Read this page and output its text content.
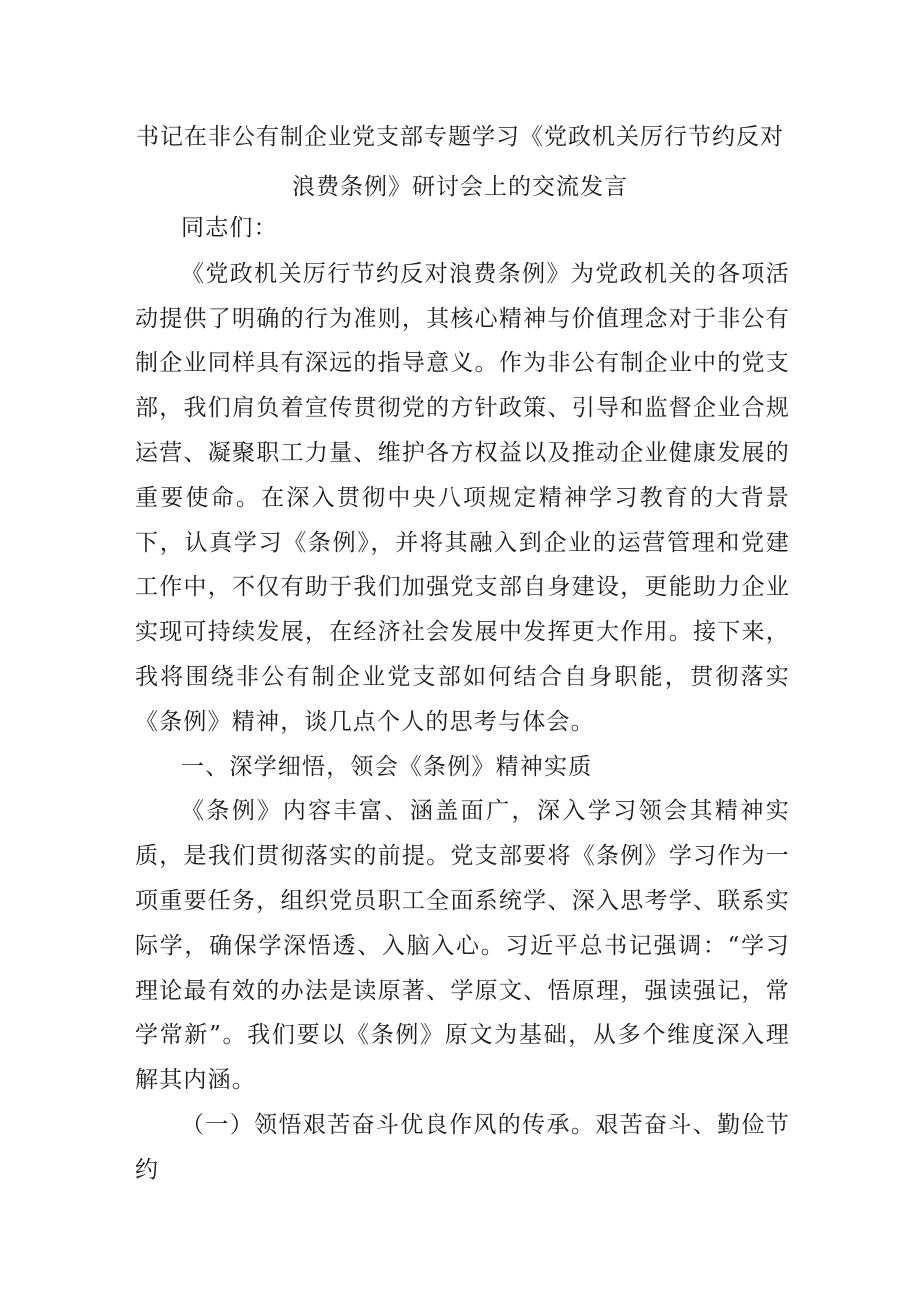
书记在非公有制企业党支部专题学习《党政机关厉行节约反对浪费条例》研讨会上的交流发言

同志们：

《党政机关厉行节约反对浪费条例》为党政机关的各项活动提供了明确的行为准则，其核心精神与价值理念对于非公有制企业同样具有深远的指导意义。作为非公有制企业中的党支部，我们肩负着宣传贯彻党的方针政策、引导和监督企业合规运营、凝聚职工力量、维护各方权益以及推动企业健康发展的重要使命。在深入贯彻中央八项规定精神学习教育的大背景下，认真学习《条例》，并将其融入到企业的运营管理和党建工作中，不仅有助于我们加强党支部自身建设，更能助力企业实现可持续发展，在经济社会发展中发挥更大作用。接下来，我将围绕非公有制企业党支部如何结合自身职能，贯彻落实《条例》精神，谈几点个人的思考与体会。

一、深学细悟，领会《条例》精神实质

《条例》内容丰富、涵盖面广，深入学习领会其精神实质，是我们贯彻落实的前提。党支部要将《条例》学习作为一项重要任务，组织党员职工全面系统学、深入思考学、联系实际学，确保学深悟透、入脑入心。习近平总书记强调：“学习理论最有效的办法是读原著、学原文、悟原理，强读强记，常学常新”。我们要以《条例》原文为基础，从多个维度深入理解其内涵。

（一）领悟艰苦奋斗优良作风的传承。艰苦奋斗、勤俭节约
